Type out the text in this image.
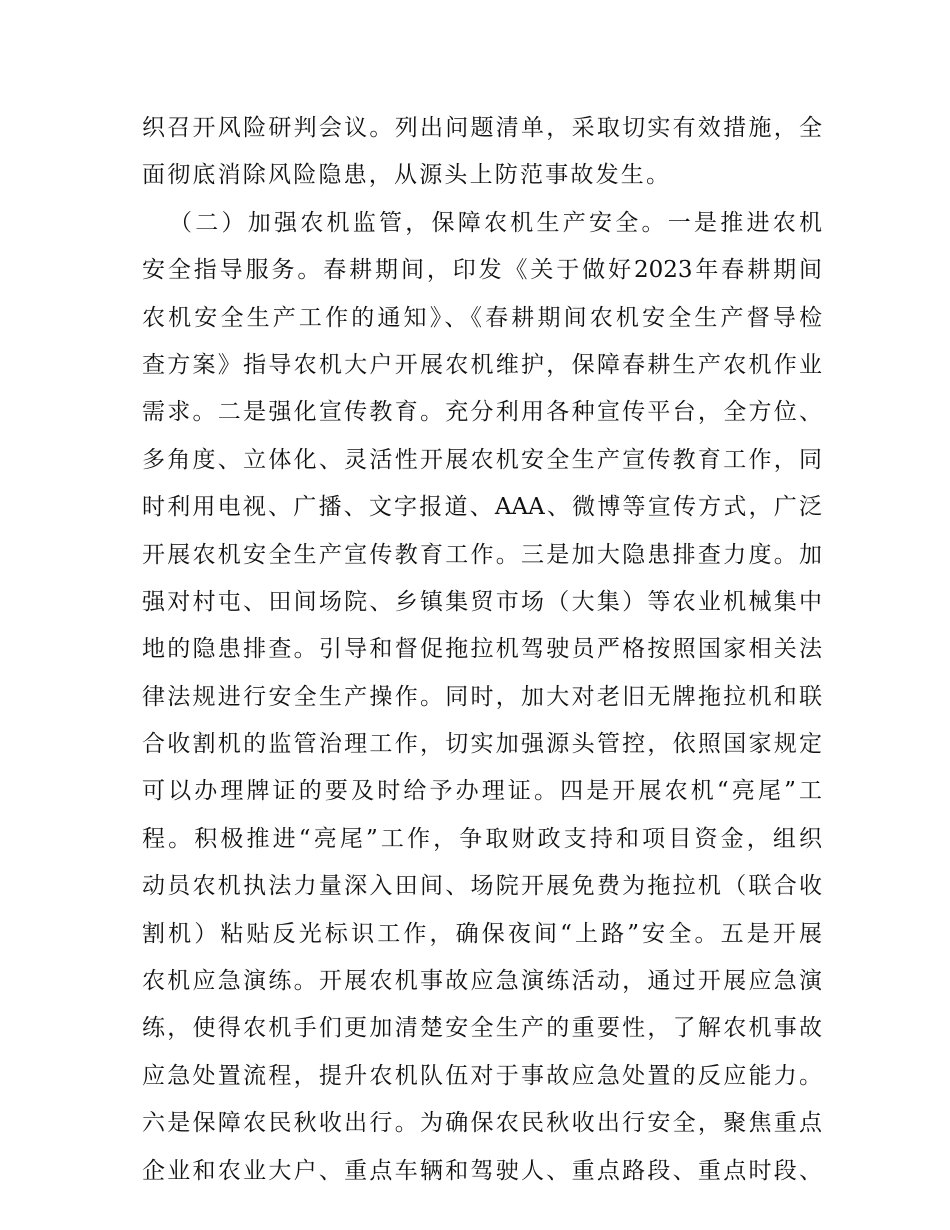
织召开风险研判会议。列出问题清单，采取切实有效措施，全
面彻底消除风险隐患，从源头上防范事故发生。
（二）加强农机监管，保障农机生产安全。一是推进农机
安全指导服务。春耕期间，印发《关于做好2023年春耕期间
农机安全生产工作的通知》、《春耕期间农机安全生产督导检
查方案》指导农机大户开展农机维护，保障春耕生产农机作业
需求。二是强化宣传教育。充分利用各种宣传平台，全方位、
多角度、立体化、灵活性开展农机安全生产宣传教育工作，同
时利用电视、广播、文字报道、AAA、微博等宣传方式，广泛
开展农机安全生产宣传教育工作。三是加大隐患排查力度。加
强对村屯、田间场院、乡镇集贸市场（大集）等农业机械集中
地的隐患排查。引导和督促拖拉机驾驶员严格按照国家相关法
律法规进行安全生产操作。同时，加大对老旧无牌拖拉机和联
合收割机的监管治理工作，切实加强源头管控，依照国家规定
可以办理牌证的要及时给予办理证。四是开展农机“亮尾”工
程。积极推进“亮尾”工作，争取财政支持和项目资金，组织
动员农机执法力量深入田间、场院开展免费为拖拉机（联合收
割机）粘贴反光标识工作，确保夜间“上路”安全。五是开展
农机应急演练。开展农机事故应急演练活动，通过开展应急演
练，使得农机手们更加清楚安全生产的重要性，了解农机事故
应急处置流程，提升农机队伍对于事故应急处置的反应能力。
六是保障农民秋收出行。为确保农民秋收出行安全，聚焦重点
企业和农业大户、重点车辆和驾驶人、重点路段、重点时段、
